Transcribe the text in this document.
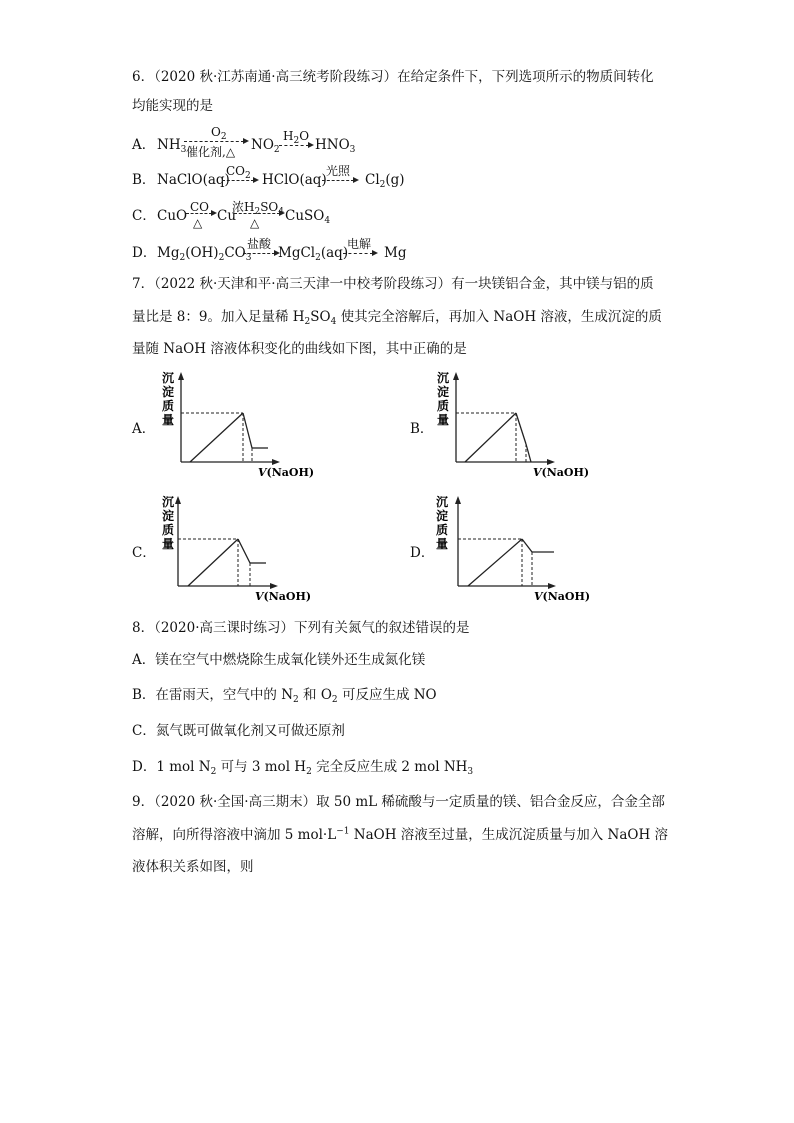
6．（2020 秋·江苏南通·高三统考阶段练习）在给定条件下，下列选项所示的物质间转化
均能实现的是
A． $NH_3$
$O_2$
催化剂,△ $NO_2$
$H_2O$
$HNO_3$
B． NaClO(aq)
$CO_2$ HClO(aq)
光照
$Cl_2(g)$
C． CuO
CO
△ Cu
浓$H_2SO_4$
△ CuSO$_4$
D． $Mg_2(OH)_2CO_3$
盐酸
MgCl$_2$(aq)
电解
Mg
7．（2022 秋·天津和平·高三天津一中校考阶段练习）有一块镁铝合金，其中镁与铝的质
量比是 8：9。加入足量稀 $H_2SO_4$ 使其完全溶解后，再加入 NaOH 溶液，生成沉淀的质
量随 NaOH 溶液体积变化的曲线如下图，其中正确的是
A．
沉
淀
质
量
V(NaOH)
B．
沉
淀
质
量
V(NaOH)
C．
沉
淀
质
量
V(NaOH)
D．
沉
淀
质
量
V(NaOH)
8．（2020·高三课时练习）下列有关氮气的叙述错误的是
A．镁在空气中燃烧除生成氧化镁外还生成氮化镁
B．在雷雨天，空气中的 $N_2$ 和 $O_2$ 可反应生成 NO
C．氮气既可做氧化剂又可做还原剂
D．1 mol $N_2$ 可与 3 mol $H_2$ 完全反应生成 2 mol $NH_3$
9．（2020 秋·全国·高三期末）取 50 mL 稀硫酸与一定质量的镁、铝合金反应，合金全部
溶解，向所得溶液中滴加 5 $mol\cdot L^{-1}$ NaOH 溶液至过量，生成沉淀质量与加入 NaOH 溶
液体积关系如图，则
